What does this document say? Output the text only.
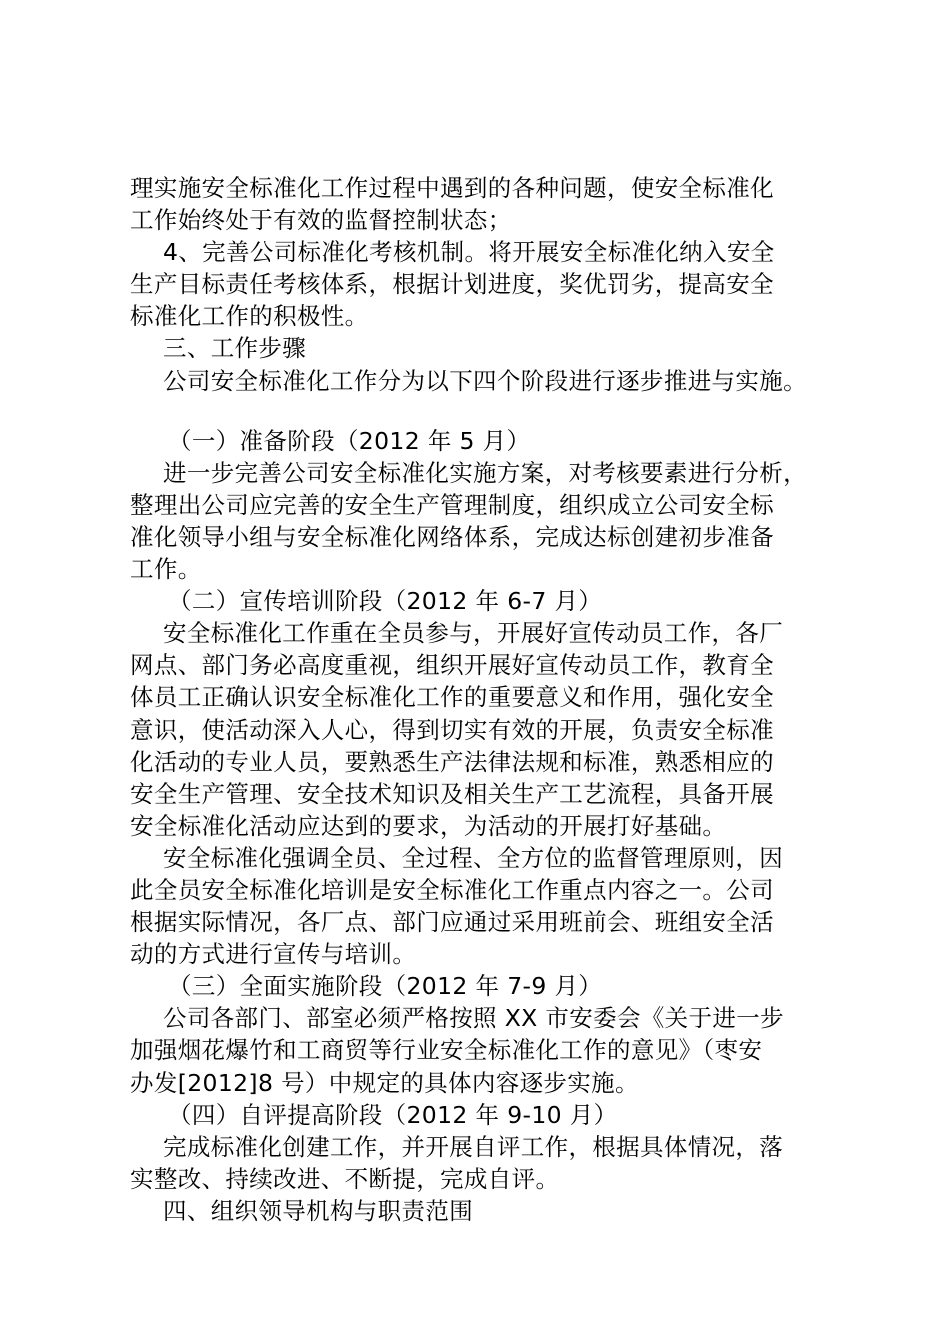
理实施安全标准化工作过程中遇到的各种问题，使安全标准化
工作始终处于有效的监督控制状态；
4、完善公司标准化考核机制。将开展安全标准化纳入安全
生产目标责任考核体系，根据计划进度，奖优罚劣，提高安全
标准化工作的积极性。
三、工作步骤
公司安全标准化工作分为以下四个阶段进行逐步推进与实施。
（一）准备阶段（2012 年 5 月）
进一步完善公司安全标准化实施方案，对考核要素进行分析，
整理出公司应完善的安全生产管理制度，组织成立公司安全标
准化领导小组与安全标准化网络体系，完成达标创建初步准备
工作。
（二）宣传培训阶段（2012 年 6-7 月）
安全标准化工作重在全员参与，开展好宣传动员工作，各厂
网点、部门务必高度重视，组织开展好宣传动员工作，教育全
体员工正确认识安全标准化工作的重要意义和作用，强化安全
意识，使活动深入人心，得到切实有效的开展，负责安全标准
化活动的专业人员，要熟悉生产法律法规和标准，熟悉相应的
安全生产管理、安全技术知识及相关生产工艺流程，具备开展
安全标准化活动应达到的要求，为活动的开展打好基础。
安全标准化强调全员、全过程、全方位的监督管理原则，因
此全员安全标准化培训是安全标准化工作重点内容之一。公司
根据实际情况，各厂点、部门应通过采用班前会、班组安全活
动的方式进行宣传与培训。
（三）全面实施阶段（2012 年 7-9 月）
公司各部门、部室必须严格按照 XX 市安委会《关于进一步
加强烟花爆竹和工商贸等行业安全标准化工作的意见》（枣安
办发[2012]8 号）中规定的具体内容逐步实施。
（四）自评提高阶段（2012 年 9-10 月）
完成标准化创建工作，并开展自评工作，根据具体情况，落
实整改、持续改进、不断提，完成自评。
四、组织领导机构与职责范围
